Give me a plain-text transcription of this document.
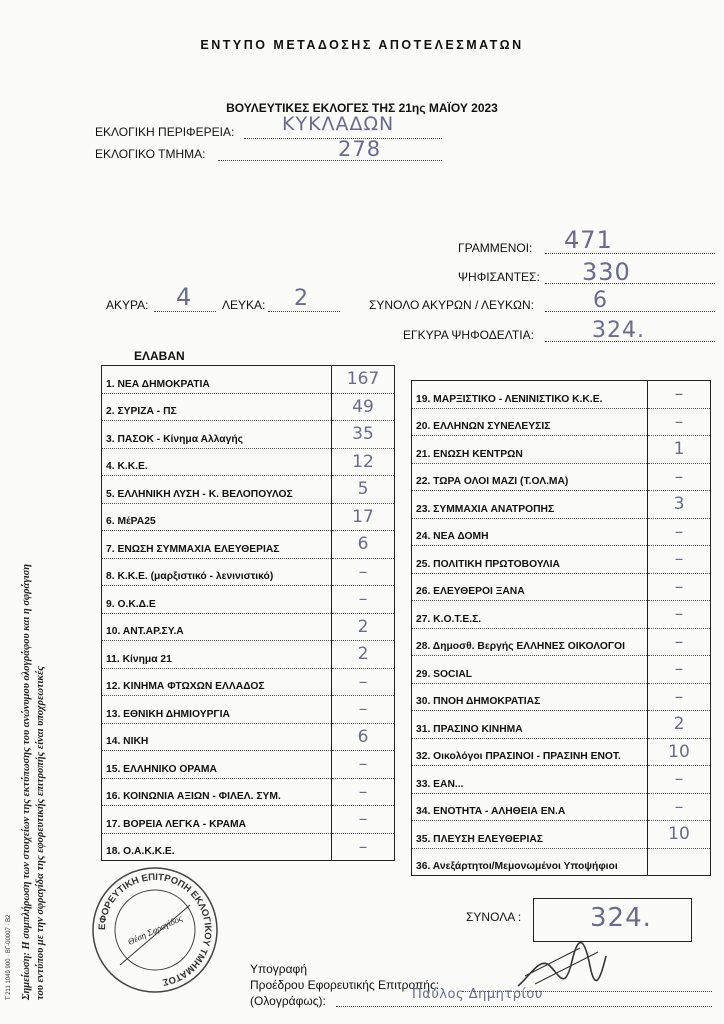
ΕΝΤΥΠΟ ΜΕΤΑΔΟΣΗΣ ΑΠΟΤΕΛΕΣΜΑΤΩΝ
ΒΟΥΛΕΥΤΙΚΕΣ ΕΚΛΟΓΕΣ ΤΗΣ 21ης ΜΑΪΟΥ 2023
ΕΚΛΟΓΙΚΗ ΠΕΡΙΦΕΡΕΙΑ:	ΚΥΚΛΑΔΩΝ
ΕΚΛΟΓΙΚΟ ΤΜΗΜΑ:	278
ΓΡΑΜΜΕΝΟΙ: 471
ΨΗΦΙΣΑΝΤΕΣ: 330
ΑΚΥΡΑ: 4 ΛΕΥΚΑ: 2	ΣΥΝΟΛΟ ΑΚΥΡΩΝ / ΛΕΥΚΩΝ:	6
ΕΓΚΥΡΑ ΨΗΦΟΔΕΛΤΙΑ:	324.
ΕΛΑΒΑΝ
1. ΝΕΑ ΔΗΜΟΚΡΑΤΙΑ	167
2. ΣΥΡΙΖΑ - ΠΣ	49
3. ΠΑΣΟΚ - Κίνημα Αλλαγής	35
4. Κ.Κ.Ε.	12
5. ΕΛΛΗΝΙΚΗ ΛΥΣΗ - Κ. ΒΕΛΟΠΟΥΛΟΣ	5
6. ΜέΡΑ25	17
7. ΕΝΩΣΗ ΣΥΜΜΑΧΙΑ ΕΛΕΥΘΕΡΙΑΣ	6
8. Κ.Κ.Ε. (μαρξιστικό - λενινιστικό)	–
9. Ο.Κ.Δ.Ε	–
10. ΑΝΤ.ΑΡ.ΣΥ.Α	2
11. Κίνημα 21	2
12. ΚΙΝΗΜΑ ΦΤΩΧΩΝ ΕΛΛΑΔΟΣ	–
13. ΕΘΝΙΚΗ ΔΗΜΙΟΥΡΓΙΑ	–
14. ΝΙΚΗ	6
15. ΕΛΛΗΝΙΚΟ ΟΡΑΜΑ	–
16. ΚΟΙΝΩΝΙΑ ΑΞΙΩΝ - ΦΙΛΕΛ. ΣΥΜ.	–
17. ΒΟΡΕΙΑ ΛΕΓΚΑ - ΚΡΑΜΑ	–
18. Ο.Α.Κ.Κ.Ε.	–
19. ΜΑΡΞΙΣΤΙΚΟ - ΛΕΝΙΝΙΣΤΙΚΟ Κ.Κ.Ε.	–
20. ΕΛΛΗΝΩΝ ΣΥΝΕΛΕΥΣΙΣ	–
21. ΕΝΩΣΗ ΚΕΝΤΡΩΝ	1
22. ΤΩΡΑ ΟΛΟΙ ΜΑΖΙ (Τ.ΟΛ.ΜΑ)	–
23. ΣΥΜΜΑΧΙΑ ΑΝΑΤΡΟΠΗΣ	3
24. ΝΕΑ ΔΟΜΗ	–
25. ΠΟΛΙΤΙΚΗ ΠΡΩΤΟΒΟΥΛΙΑ	–
26. ΕΛΕΥΘΕΡΟΙ ΞΑΝΑ	–
27. Κ.Ο.Τ.Ε.Σ.	–
28. Δημοσθ. Βεργής ΕΛΛΗΝΕΣ ΟΙΚΟΛΟΓΟΙ	–
29. SOCIAL	–
30. ΠΝΟΗ ΔΗΜΟΚΡΑΤΙΑΣ	–
31. ΠΡΑΣΙΝΟ ΚΙΝΗΜΑ	2
32. Οικολόγοι ΠΡΑΣΙΝΟΙ - ΠΡΑΣΙΝΗ ΕΝΟΤ.	10
33. ΕΑΝ...	–
34. ΕΝΟΤΗΤΑ - ΑΛΗΘΕΙΑ ΕΝ.Α	–
35. ΠΛΕΥΣΗ ΕΛΕΥΘΕΡΙΑΣ	10
36. Ανεξάρτητοι/Μεμονωμένοι Υποψήφιοι	
ΣΥΝΟΛΑ :	324.
Υπογραφή
Προέδρου Εφορευτικής Επιτροπής:
(Ολογράφως):	Παύλος Δημητρίου
ΕΦΟΡΕΥΤΙΚΗ ΕΠΙΤΡΟΠΗ ΕΚΛΟΓΙΚΟΥ ΤΜΗΜΑΤΟΣ
Θέση Σφραγίδος
Τ 211 1049 900 · ΒΓ-00007 · Β2 Σημείωση: Η συμπλήρωση των στοιχείων της εκτύπωσης του ανώνυμου ολογράφου και η σφράγιση του εντύπου με την σφραγίδα της εφορευτικής επιτροπής είναι υποχρεωτικές
